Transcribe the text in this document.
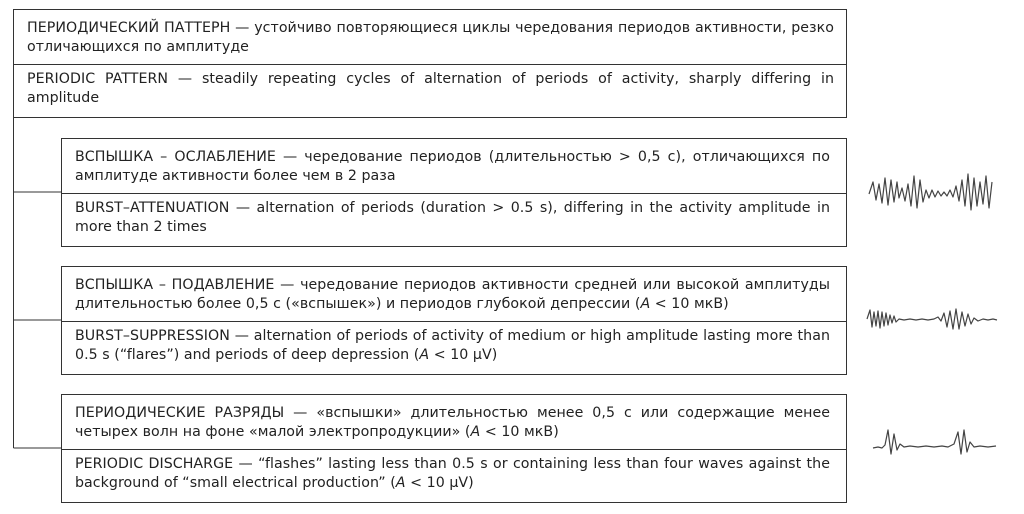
ПЕРИОДИЧЕСКИЙ ПАТТЕРН — устойчиво повторяющиеся циклы чередования периодов активности, резко отличающихся по амплитуде
PERIODIC PATTERN — steadily repeating cycles of alternation of periods of activity, sharply differing in amplitude
ВСПЫШКА – ОСЛАБЛЕНИЕ — чередование периодов (длительностью > 0,5 с), отличающихся по амплитуде активности более чем в 2 раза
BURST–ATTENUATION — alternation of periods (duration > 0.5 s), differing in the activity amplitude in more than 2 times
ВСПЫШКА – ПОДАВЛЕНИЕ — чередование периодов активности средней или высокой амплитуды длительностью более 0,5 с («вспышек») и периодов глубокой депрессии (A < 10 мкВ)
BURST–SUPPRESSION — alternation of periods of activity of medium or high amplitude lasting more than 0.5 s (“flares”) and periods of deep depression (A < 10 μV)
ПЕРИОДИЧЕСКИЕ РАЗРЯДЫ — «вспышки» длительностью менее 0,5 с или содержащие менее четырех волн на фоне «малой электропродукции» (A < 10 мкВ)
PERIODIC DISCHARGE — “flashes” lasting less than 0.5 s or containing less than four waves against the background of “small electrical production” (A < 10 μV)
